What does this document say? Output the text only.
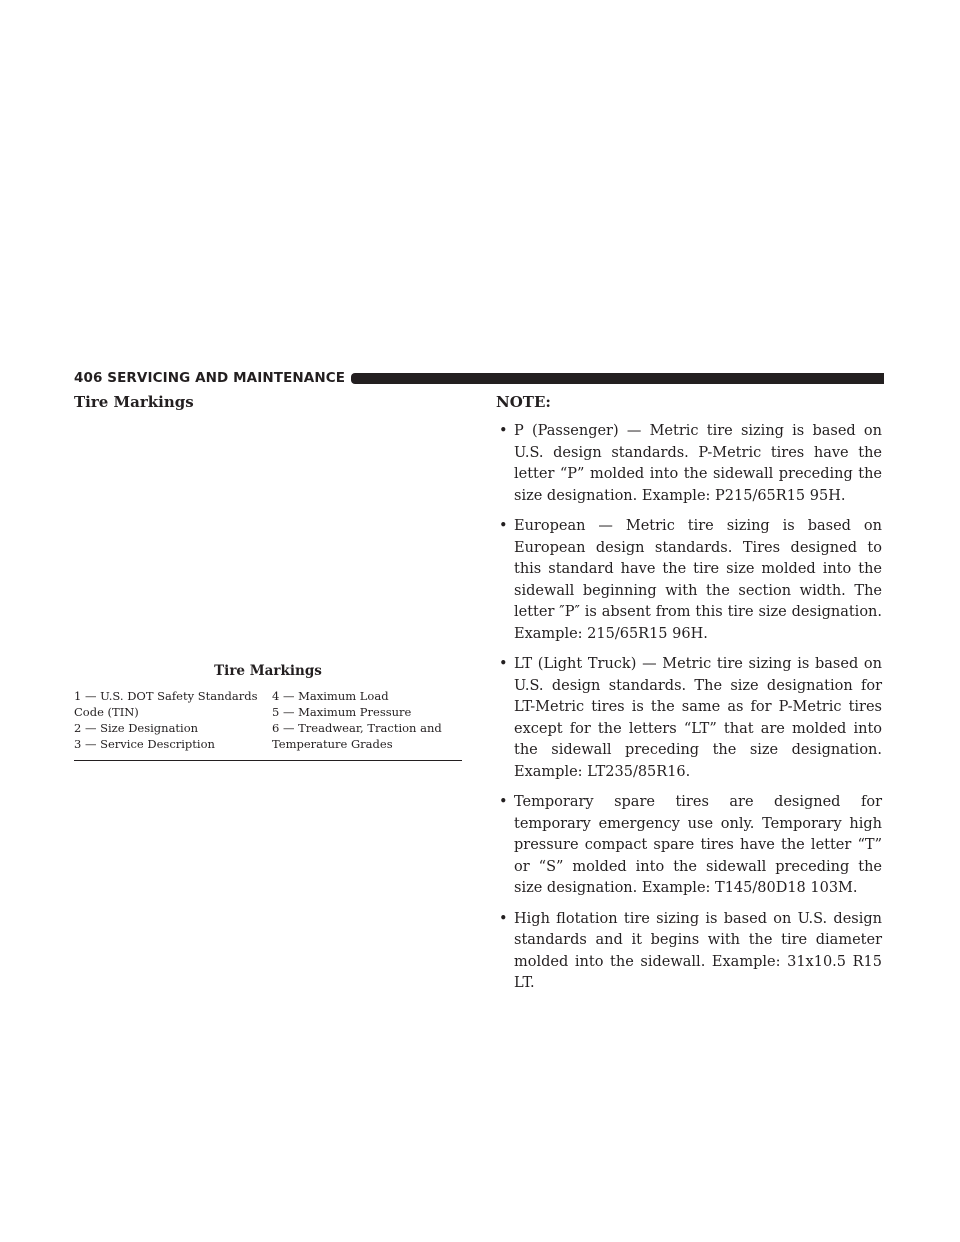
406 SERVICING AND MAINTENANCE
Tire Markings
Tire Markings
1 — U.S. DOT Safety Standards
Code (TIN)
2 — Size Designation
3 — Service Description
4 — Maximum Load
5 — Maximum Pressure
6 — Treadwear, Traction and
Temperature Grades

NOTE:

• P (Passenger) — Metric tire sizing is based on U.S. design standards. P-Metric tires have the letter “P” molded into the sidewall preceding the size designation. Example: P215/65R15 95H.
• European — Metric tire sizing is based on European design standards. Tires designed to this standard have the tire size molded into the sidewall beginning with the section width. The letter ″P″ is absent from this tire size designation. Example: 215/65R15 96H.
• LT (Light Truck) — Metric tire sizing is based on U.S. design standards. The size designation for LT-Metric tires is the same as for P-Metric tires except for the letters “LT” that are molded into the sidewall preceding the size designation. Example: LT235/85R16.
• Temporary spare tires are designed for temporary emergency use only. Temporary high pressure compact spare tires have the letter “T” or “S” molded into the sidewall preceding the size designation. Example: T145/80D18 103M.
• High flotation tire sizing is based on U.S. design standards and it begins with the tire diameter molded into the sidewall. Example: 31x10.5 R15 LT.
